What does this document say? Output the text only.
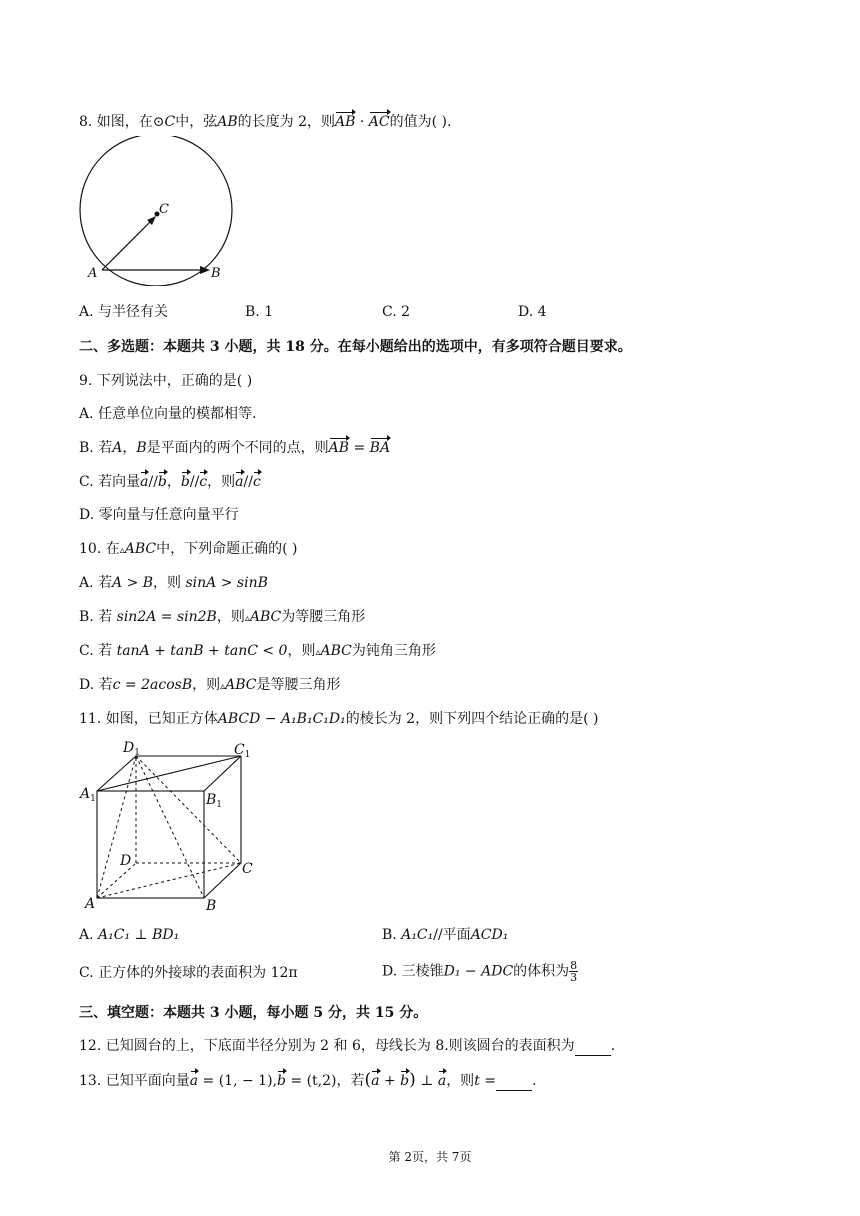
8. 如图，在⊙C中，弦AB的长度为 2，则AB · AC的值为( ).
A	B
C
A. 与半径有关	B. 1	C. 2	D. 4
二、多选题：本题共 3 小题，共 18 分。在每小题给出的选项中，有多项符合题目要求。
9. 下列说法中，正确的是( )
A. 任意单位向量的模都相等.
B. 若A，B是平面内的两个不同的点，则AB = BA
C. 若向量a//b，b//c，则a//c
D. 零向量与任意向量平行
10. 在▵ABC中，下列命题正确的( )
A. 若A > B，则 sinA > sinB
B. 若 sin2A = sin2B，则▵ABC为等腰三角形
C. 若 tanA + tanB + tanC < 0，则▵ABC为钝角三角形
D. 若c = 2acosB，则▵ABC是等腰三角形
11. 如图，已知正方体ABCD − A₁B₁C₁D₁的棱长为 2，则下列四个结论正确的是( )
$D_1$	$C_1$
$A_1$	$B_1$
D	C
A	B
A. A₁C₁ ⊥ BD₁	B. A₁C₁//平面ACD₁
C. 正方体的外接球的表面积为 12π	D. 三棱锥D₁ − ADC的体积为 $\frac{8}{3}$
三、填空题：本题共 3 小题，每小题 5 分，共 15 分。
12. 已知圆台的上，下底面半径分别为 2 和 6，母线长为 8.则该圆台的表面积为	.
13. 已知平面向量a = (1, − 1),b = (t,2)，若(a + b) ⊥ a，则t =	.
第 2页，共 7页
